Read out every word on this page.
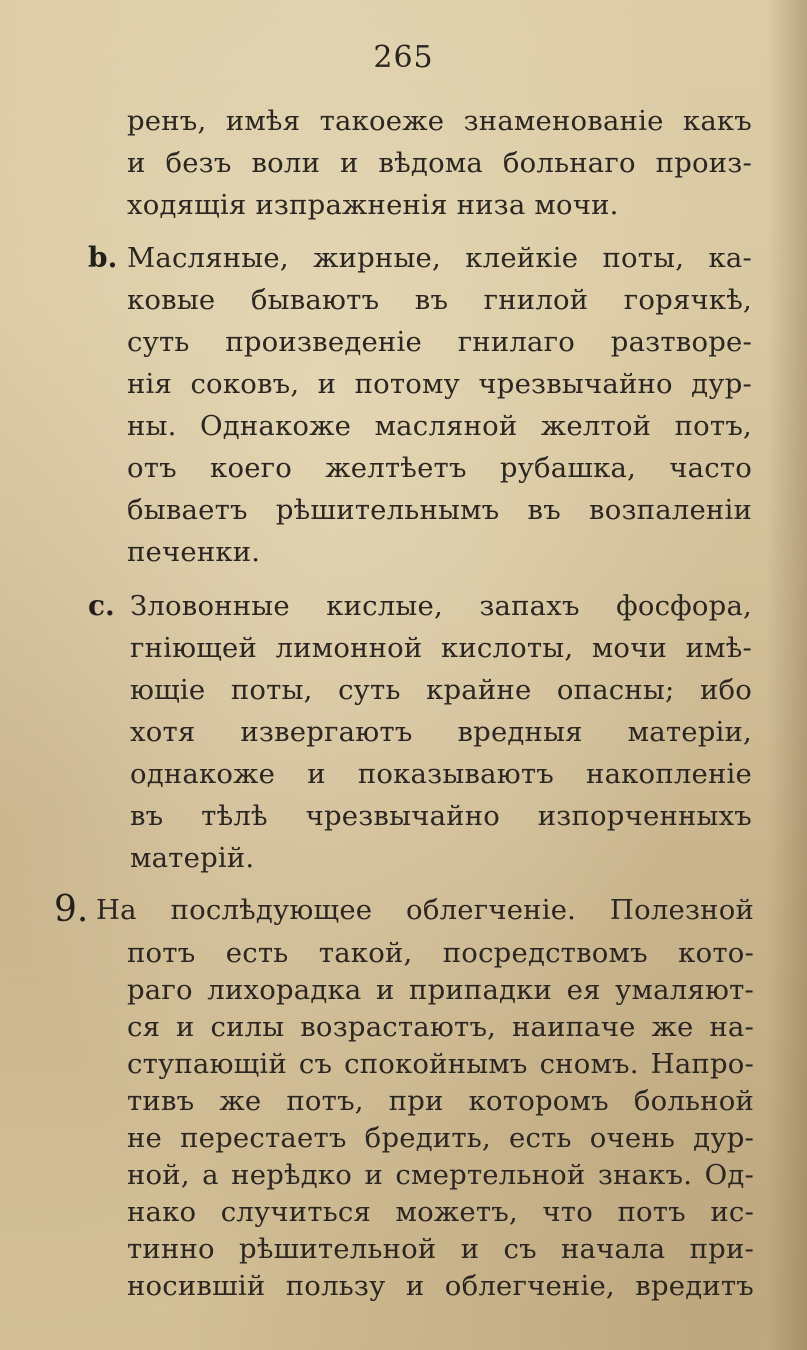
265
ренъ, имѣя такоеже знаменованіе какъ
и безъ воли и вѣдома больнаго произ-
ходящія изпражненія низа мочи.
b. Масляные, жирные, клейкіе поты, ка-
ковые бываютъ въ гнилой горячкѣ,
суть произведеніе гнилаго разтворе-
нія соковъ, и потому чрезвычайно дур-
ны. Однакоже масляной желтой потъ,
отъ коего желтѣетъ рубашка, часто
бываетъ рѣшительнымъ въ возпаленіи
печенки.
c. Зловонные кислые, запахъ фосфора,
гніющей лимонной кислоты, мочи имѣ-
ющіе поты, суть крайне опасны; ибо
хотя извергаютъ вредныя матеріи,
однакоже и показываютъ накопленіе
въ тѣлѣ чрезвычайно изпорченныхъ
матерій.
9. На послѣдующее облегченіе. Полезной
потъ есть такой, посредствомъ кото-
раго лихорадка и припадки ея умаляют-
ся и силы возрастаютъ, наипаче же на-
ступающій съ спокойнымъ сномъ. Напро-
тивъ же потъ, при которомъ больной
не перестаетъ бредить, есть очень дур-
ной, а нерѣдко и смертельной знакъ. Од-
нако случиться можетъ, что потъ ис-
тинно рѣшительной и съ начала при-
носившій пользу и облегченіе, вредитъ
